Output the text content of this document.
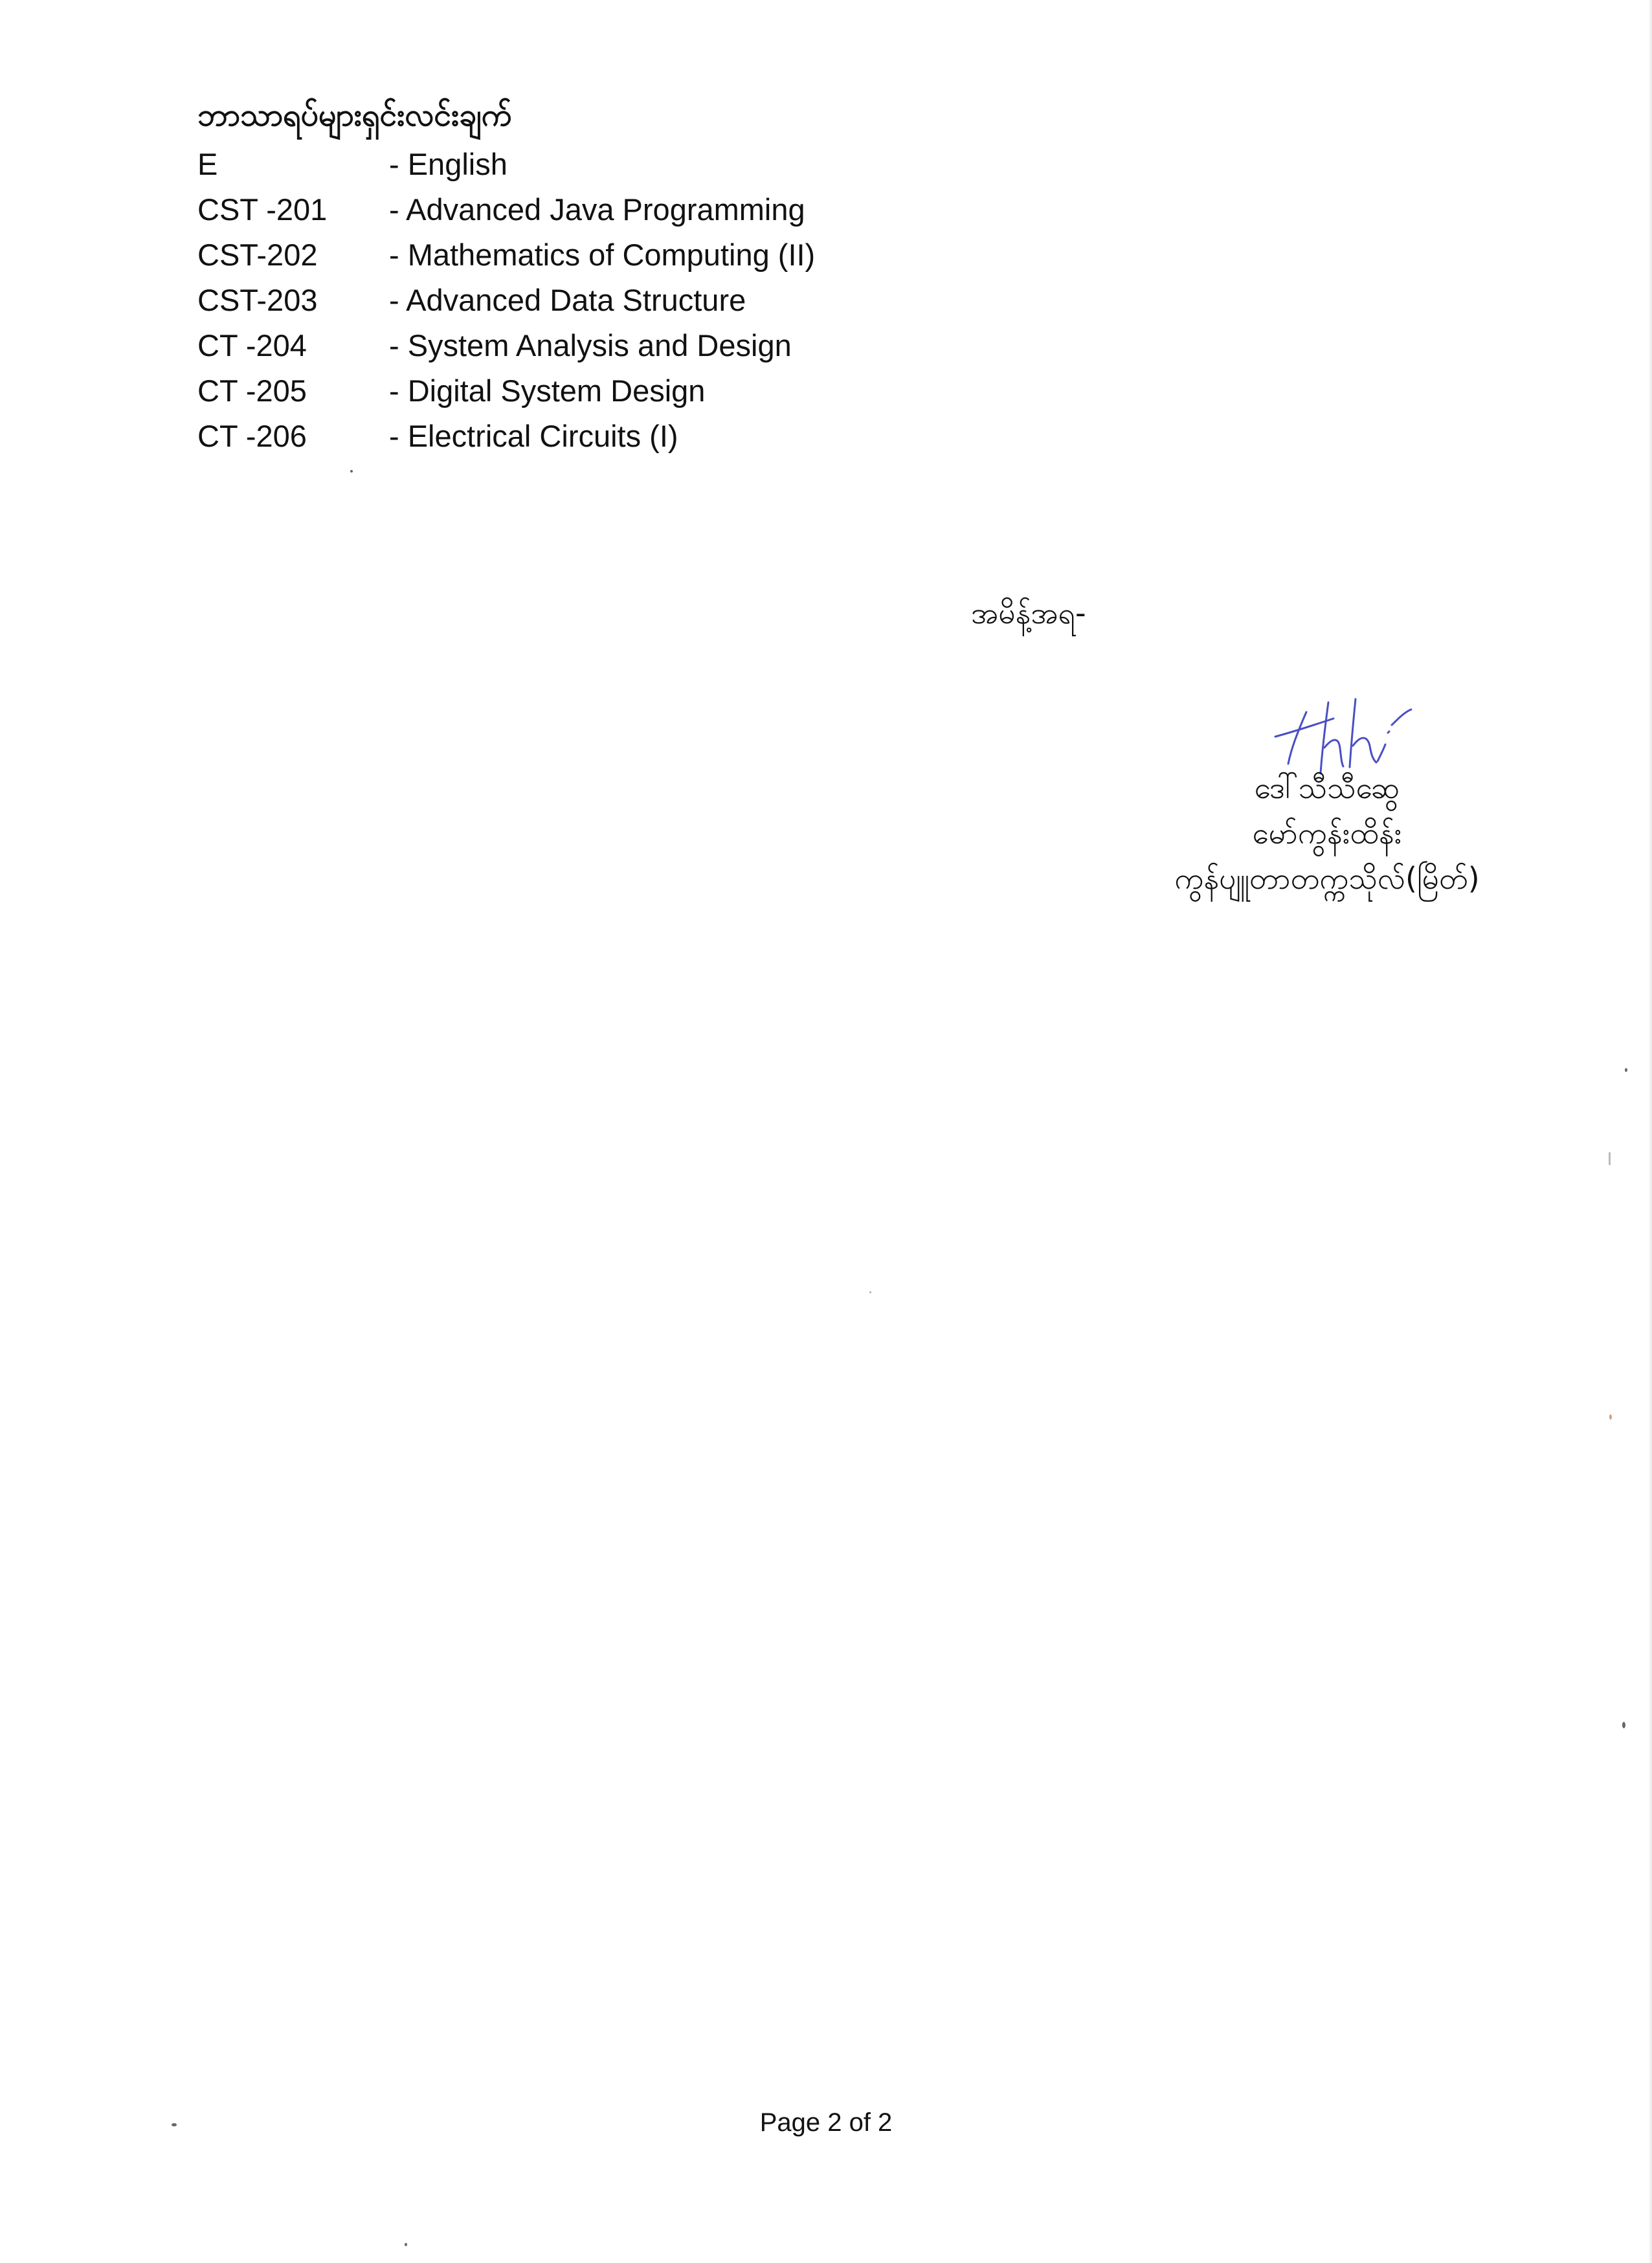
ဘာသာရပ်များရှင်းလင်းချက်
E	- English
CST -201	- Advanced Java Programming
CST-202	- Mathematics of Computing (II)
CST-203	- Advanced Data Structure
CT -204	- System Analysis and Design
CT -205	- Digital System Design
CT -206	- Electrical Circuits (I)
အမိန့်အရ-
ဒေါ်သီသီဆွေ
မော်ကွန်းထိန်း
ကွန်ပျူတာတက္ကသိုလ်(မြိတ်)
Page 2 of 2
